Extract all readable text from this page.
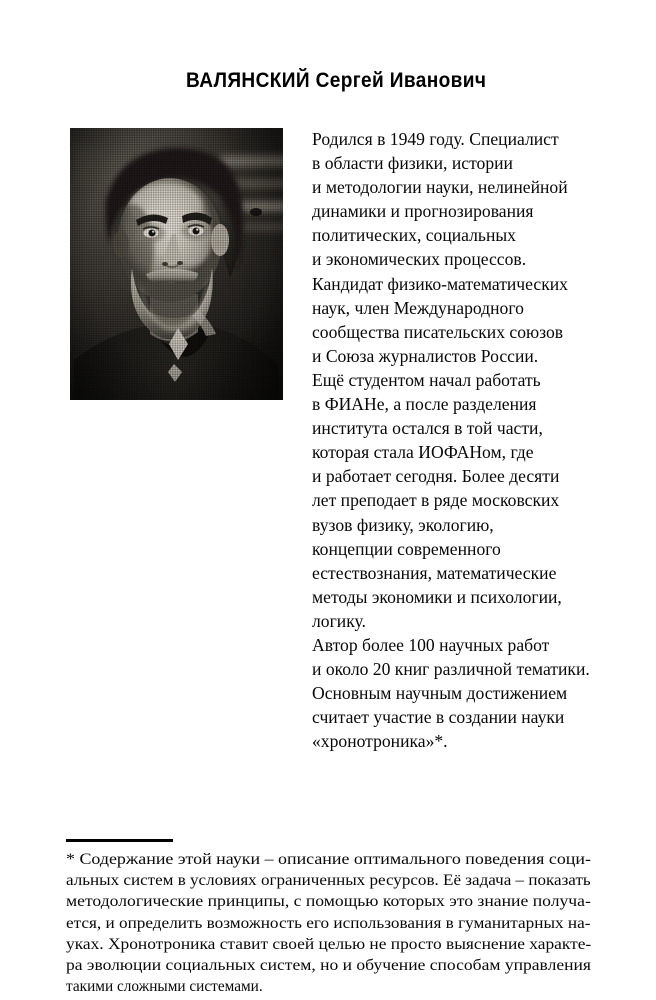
ВАЛЯНСКИЙ Сергей Иванович
Родился в 1949 году. Специалист в области физики, истории и методологии науки, нелинейной динамики и прогнозирования политических, социальных и экономических процессов. Кандидат физико-математических наук, член Международного сообщества писательских союзов и Союза журналистов России. Ещё студентом начал работать в ФИАНе, а после разделения института остался в той части, которая стала ИОФАНом, где и работает сегодня. Более десяти лет преподает в ряде московских вузов физику, экологию, концепции современного естествознания, математические методы экономики и психологии, логику. Автор более 100 научных работ и около 20 книг различной тематики. Основным научным достижением считает участие в создании науки «хронотроника»*.
* Содержание этой науки – описание оптимального поведения соци- альных систем в условиях ограниченных ресурсов. Её задача – показать методологические принципы, с помощью которых это знание получа- ется, и определить возможность его использования в гуманитарных на- уках. Хронотроника ставит своей целью не просто выяснение характе- ра эволюции социальных систем, но и обучение способам управления такими сложными системами.
